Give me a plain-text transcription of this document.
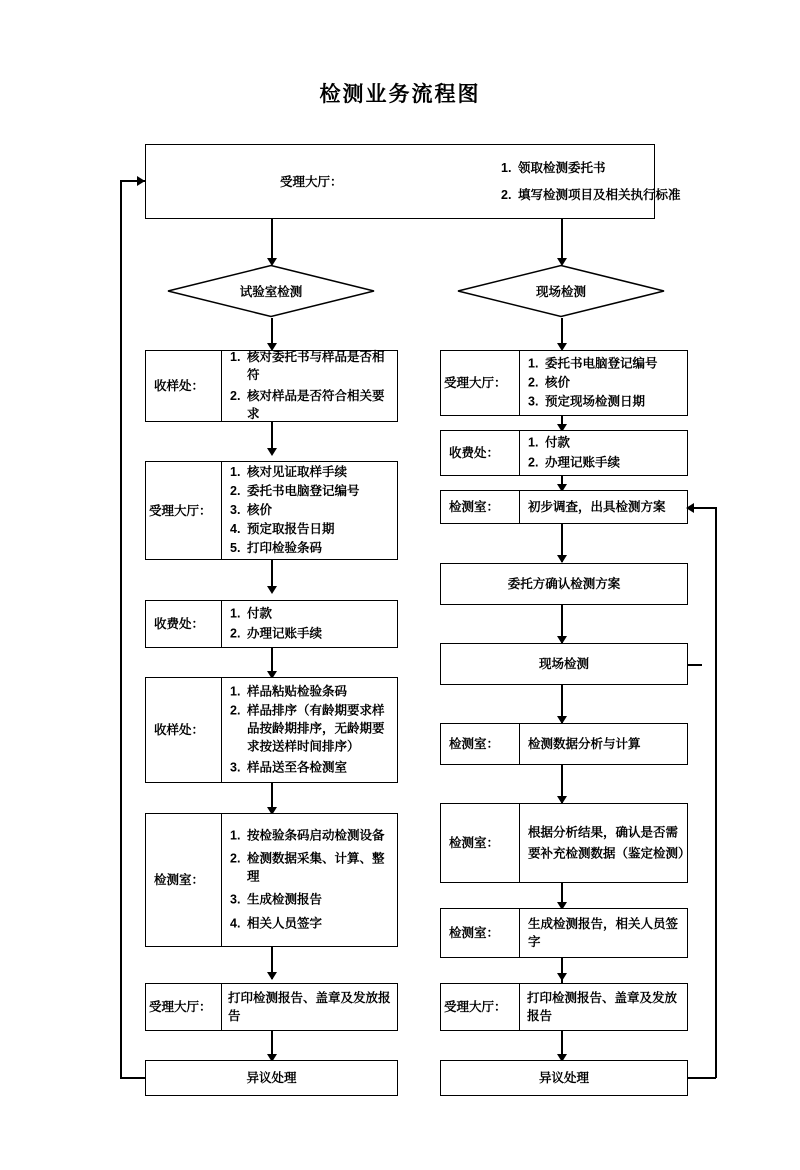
检测业务流程图
受理大厅：
1. 领取检测委托书
2. 填写检测项目及相关执行标准
试验室检测	现场检测
收样处：
1. 核对委托书与样品是否相符
2. 核对样品是否符合相关要求
受理大厅：
1. 核对见证取样手续
2. 委托书电脑登记编号
3. 核价
4. 预定取报告日期
5. 打印检验条码
收费处：
1. 付款
2. 办理记账手续
收样处：
1. 样品粘贴检验条码
2. 样品排序（有龄期要求样品按龄期排序，无龄期要求按送样时间排序）
3. 样品送至各检测室
检测室：
1. 按检验条码启动检测设备
2. 检测数据采集、计算、整理
3. 生成检测报告
4. 相关人员签字
受理大厅：
打印检测报告、盖章及发放报告
异议处理
受理大厅：
1. 委托书电脑登记编号
2. 核价
3. 预定现场检测日期
收费处：
1. 付款
2. 办理记账手续
检测室： 初步调查，出具检测方案
委托方确认检测方案
现场检测
检测室： 检测数据分析与计算
检测室：
根据分析结果，确认是否需要补充检测数据（鉴定检测）
检测室：
生成检测报告，相关人员签字
受理大厅：
打印检测报告、盖章及发放报告
异议处理
